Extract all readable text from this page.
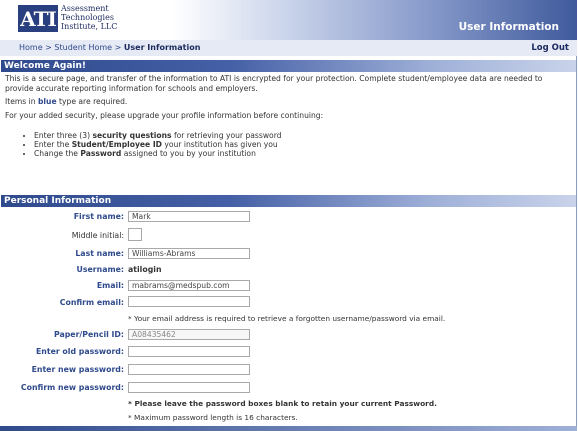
ATI Assessment
Technologies
Institute, LLC	User Information
Home > Student Home > User Information	Log Out
Welcome Again!
This is a secure page, and transfer of the information to ATI is encrypted for your protection. Complete student/employee data are needed to provide accurate reporting information for schools and employers.
Items in blue type are required.
For your added security, please upgrade your profile information before continuing:
• Enter three (3) security questions for retrieving your password
• Enter the Student/Employee ID your institution has given you
• Change the Password assigned to you by your institution
Personal Information
First name:
Mark
Middle initial:
Last name:
Williams-Abrams
Username: atilogin
Email:
mabrams@medspub.com
Confirm email:
* Your email address is required to retrieve a forgotten username/password via email.
Paper/Pencil ID:
A08435462
Enter old password:
Enter new password:
Confirm new password:
* Please leave the password boxes blank to retain your current Password.
* Maximum password length is 16 characters.
